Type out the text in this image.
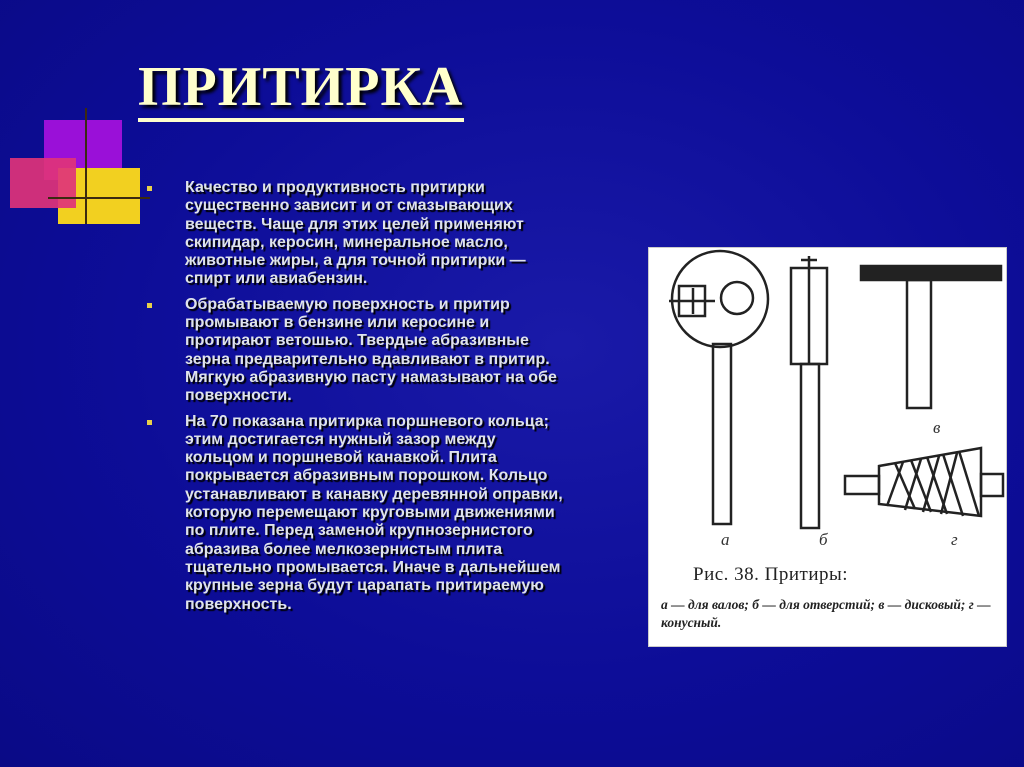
ПРИТИРКА
Качество и продуктивность притирки существенно зависит и от смазывающих веществ. Чаще для этих целей применяют скипидар, керосин, минеральное масло, животные жиры, а для точной притирки — спирт или авиабензин.
Обрабатываемую поверхность и притир промывают в бензине или керосине и протирают ветошью. Твердые абразивные зерна предварительно вдавливают в притир. Мягкую абразивную пасту намазывают на обе поверхности.
На 70 показана притирка поршневого кольца; этим достигается нужный зазор между кольцом и поршневой канавкой. Плита покрывается абразивным порошком. Кольцо устанавливают в канавку деревянной оправки, которую перемещают круговыми движениями по плите. Перед заменой крупнозернистого абразива более мелкозернистым плита тщательно промывается. Иначе в дальнейшем крупные зерна будут царапать притираемую поверхность.
а	б
в
г
Рис. 38. Притиры:
а — для валов; б — для отверстий; в — дисковый; г — конусный.
